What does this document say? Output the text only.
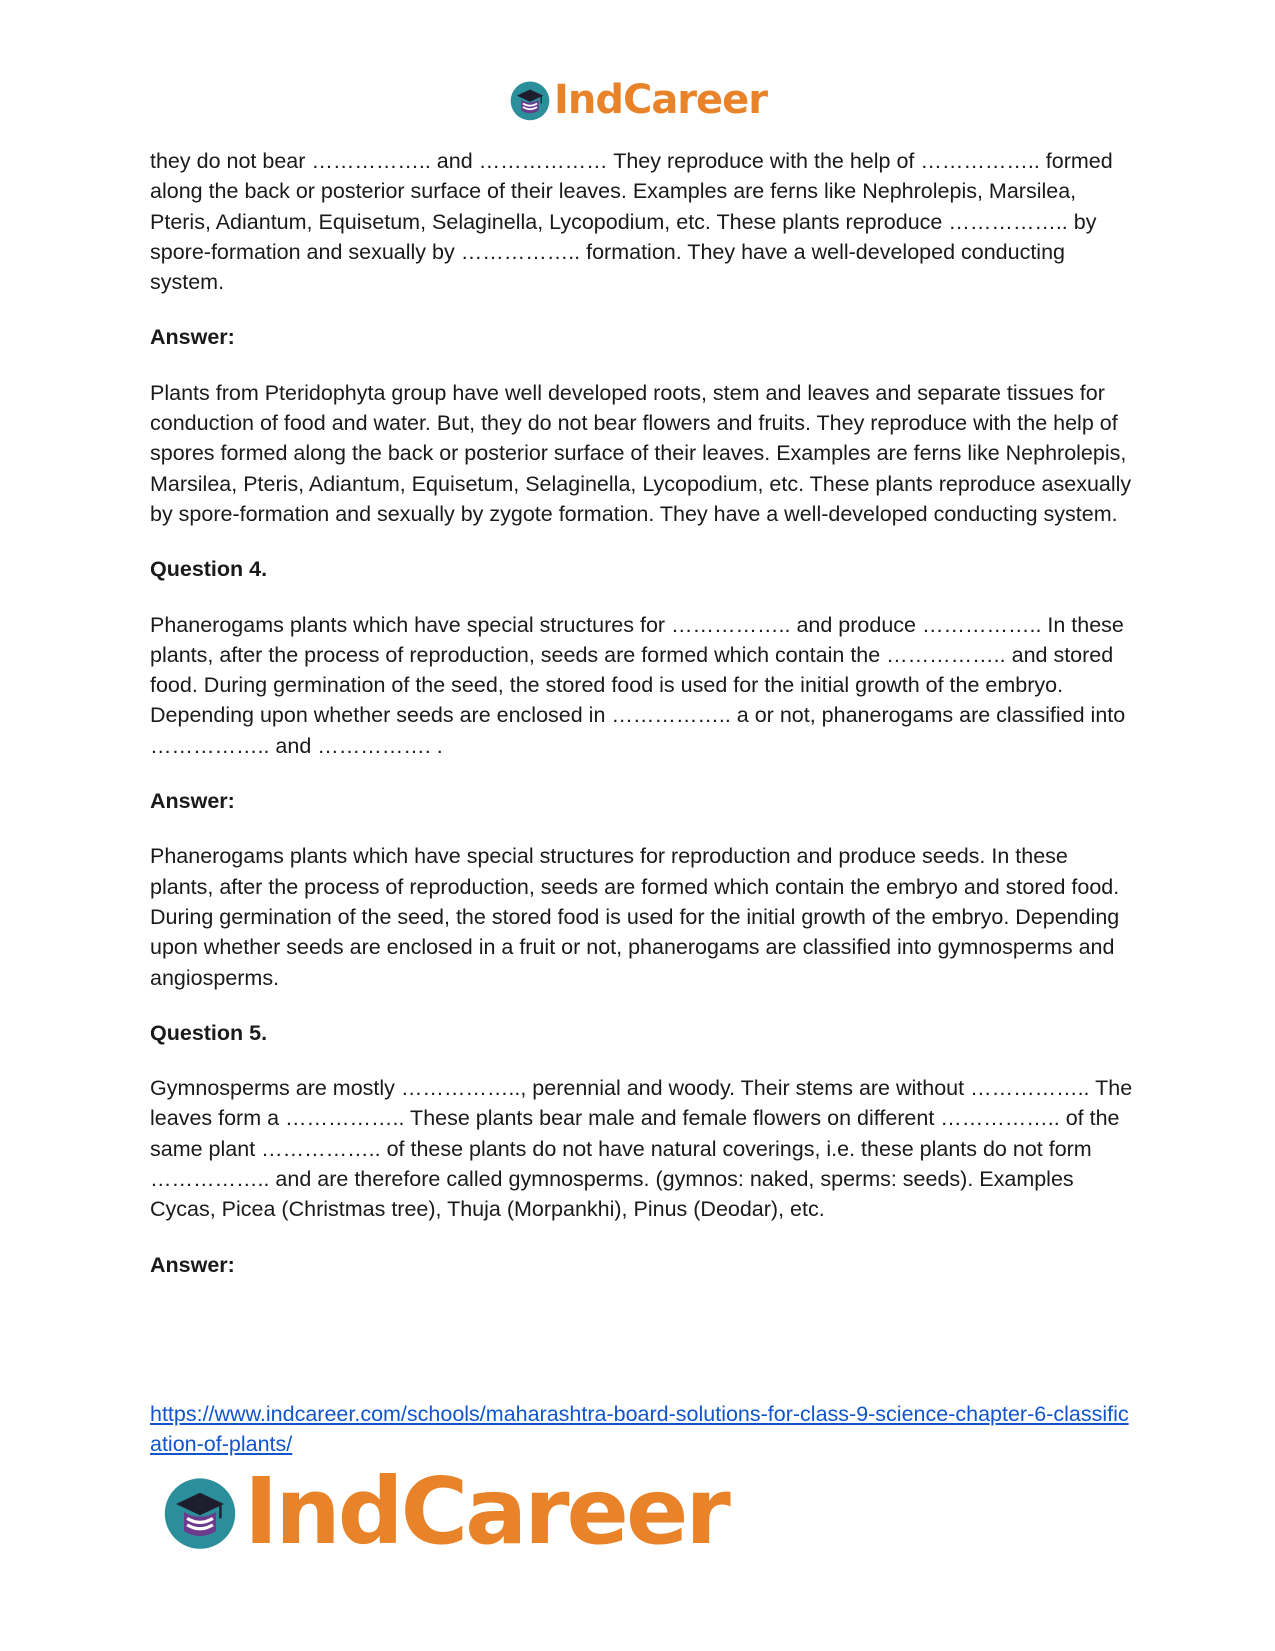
IndCareer

they do not bear …………….. and ……………… They reproduce with the help of …………….. formed along the back or posterior surface of their leaves. Examples are ferns like Nephrolepis, Marsilea, Pteris, Adiantum, Equisetum, Selaginella, Lycopodium, etc. These plants reproduce …………….. by spore-formation and sexually by …………….. formation. They have a well-developed conducting system.

Answer:

Plants from Pteridophyta group have well developed roots, stem and leaves and separate tissues for conduction of food and water. But, they do not bear flowers and fruits. They reproduce with the help of spores formed along the back or posterior surface of their leaves. Examples are ferns like Nephrolepis, Marsilea, Pteris, Adiantum, Equisetum, Selaginella, Lycopodium, etc. These plants reproduce asexually by spore-formation and sexually by zygote formation. They have a well-developed conducting system.

Question 4.

Phanerogams plants which have special structures for …………….. and produce …………….. In these plants, after the process of reproduction, seeds are formed which contain the …………….. and stored food. During germination of the seed, the stored food is used for the initial growth of the embryo. Depending upon whether seeds are enclosed in …………….. a or not, phanerogams are classified into …………….. and ……………. .

Answer:

Phanerogams plants which have special structures for reproduction and produce seeds. In these plants, after the process of reproduction, seeds are formed which contain the embryo and stored food. During germination of the seed, the stored food is used for the initial growth of the embryo. Depending upon whether seeds are enclosed in a fruit or not, phanerogams are classified into gymnosperms and angiosperms.

Question 5.

Gymnosperms are mostly …………….., perennial and woody. Their stems are without …………….. The leaves form a …………….. These plants bear male and female flowers on different …………….. of the same plant …………….. of these plants do not have natural coverings, i.e. these plants do not form …………….. and are therefore called gymnosperms. (gymnos: naked, sperms: seeds). Examples Cycas, Picea (Christmas tree), Thuja (Morpankhi), Pinus (Deodar), etc.

Answer:

https://www.indcareer.com/schools/maharashtra-board-solutions-for-class-9-science-chapter-6-classification-of-plants/
IndCareer
